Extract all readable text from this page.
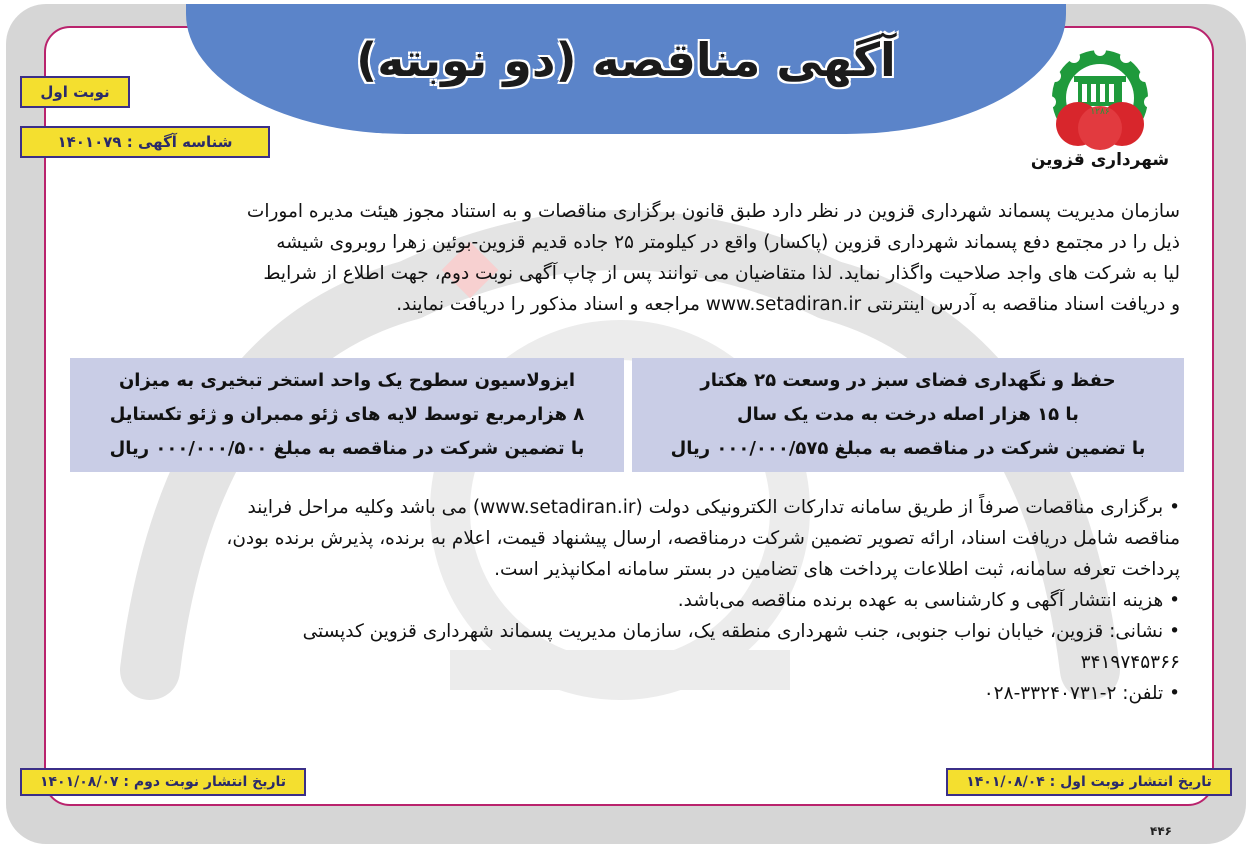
آگهی مناقصه (دو نوبته)
۱۲۸۶
شهرداری قزوین
نوبت اول
شناسه آگهی : ۱۴۰۱۰۷۹
سازمان مدیریت پسماند شهرداری قزوین در نظر دارد طبق قانون برگزاری مناقصات و به استناد مجوز هیئت مدیره امورات
ذیل را در مجتمع دفع پسماند شهرداری قزوین (پاکسار) واقع در کیلومتر ۲۵ جاده قدیم قزوین-بوئین زهرا روبروی شیشه
لیا به شرکت های واجد صلاحیت واگذار نماید. لذا متقاضیان می توانند پس از چاپ آگهی نوبت دوم، جهت اطلاع از شرایط
و دریافت اسناد مناقصه به آدرس اینترنتی www.setadiran.ir مراجعه و اسناد مذکور را دریافت نمایند.
حفظ و نگهداری فضای سبز در وسعت ۲۵ هکتار
با ۱۵ هزار اصله درخت به مدت یک سال
با تضمین شرکت در مناقصه به مبلغ ۰۰۰/۰۰۰/۵۷۵ ریال
ایزولاسیون سطوح یک واحد استخر تبخیری به میزان
۸ هزارمربع توسط لایه های ژئو ممبران و ژئو تکستایل
با تضمین شرکت در مناقصه به مبلغ ۰۰۰/۰۰۰/۵۰۰ ریال
• برگزاری مناقصات صرفاً از طریق سامانه تدارکات الکترونیکی دولت (www.setadiran.ir) می باشد وکلیه مراحل فرایند
مناقصه شامل دریافت اسناد، ارائه تصویر تضمین شرکت درمناقصه، ارسال پیشنهاد قیمت، اعلام به برنده، پذیرش برنده بودن،
پرداخت تعرفه سامانه، ثبت اطلاعات پرداخت های تضامین در بستر سامانه امکانپذیر است.
• هزینه انتشار آگهی و کارشناسی به عهده برنده مناقصه می‌باشد.
• نشانی: قزوین، خیابان نواب جنوبی، جنب شهرداری منطقه یک، سازمان مدیریت پسماند شهرداری قزوین کدپستی
۳۴۱۹۷۴۵۳۶۶
• تلفن: ۲-۳۳۲۴۰۷۳۱-۰۲۸
تاریخ انتشار نوبت اول : ۱۴۰۱/۰۸/۰۴
تاریخ انتشار نوبت دوم : ۱۴۰۱/۰۸/۰۷
۴۴۶
